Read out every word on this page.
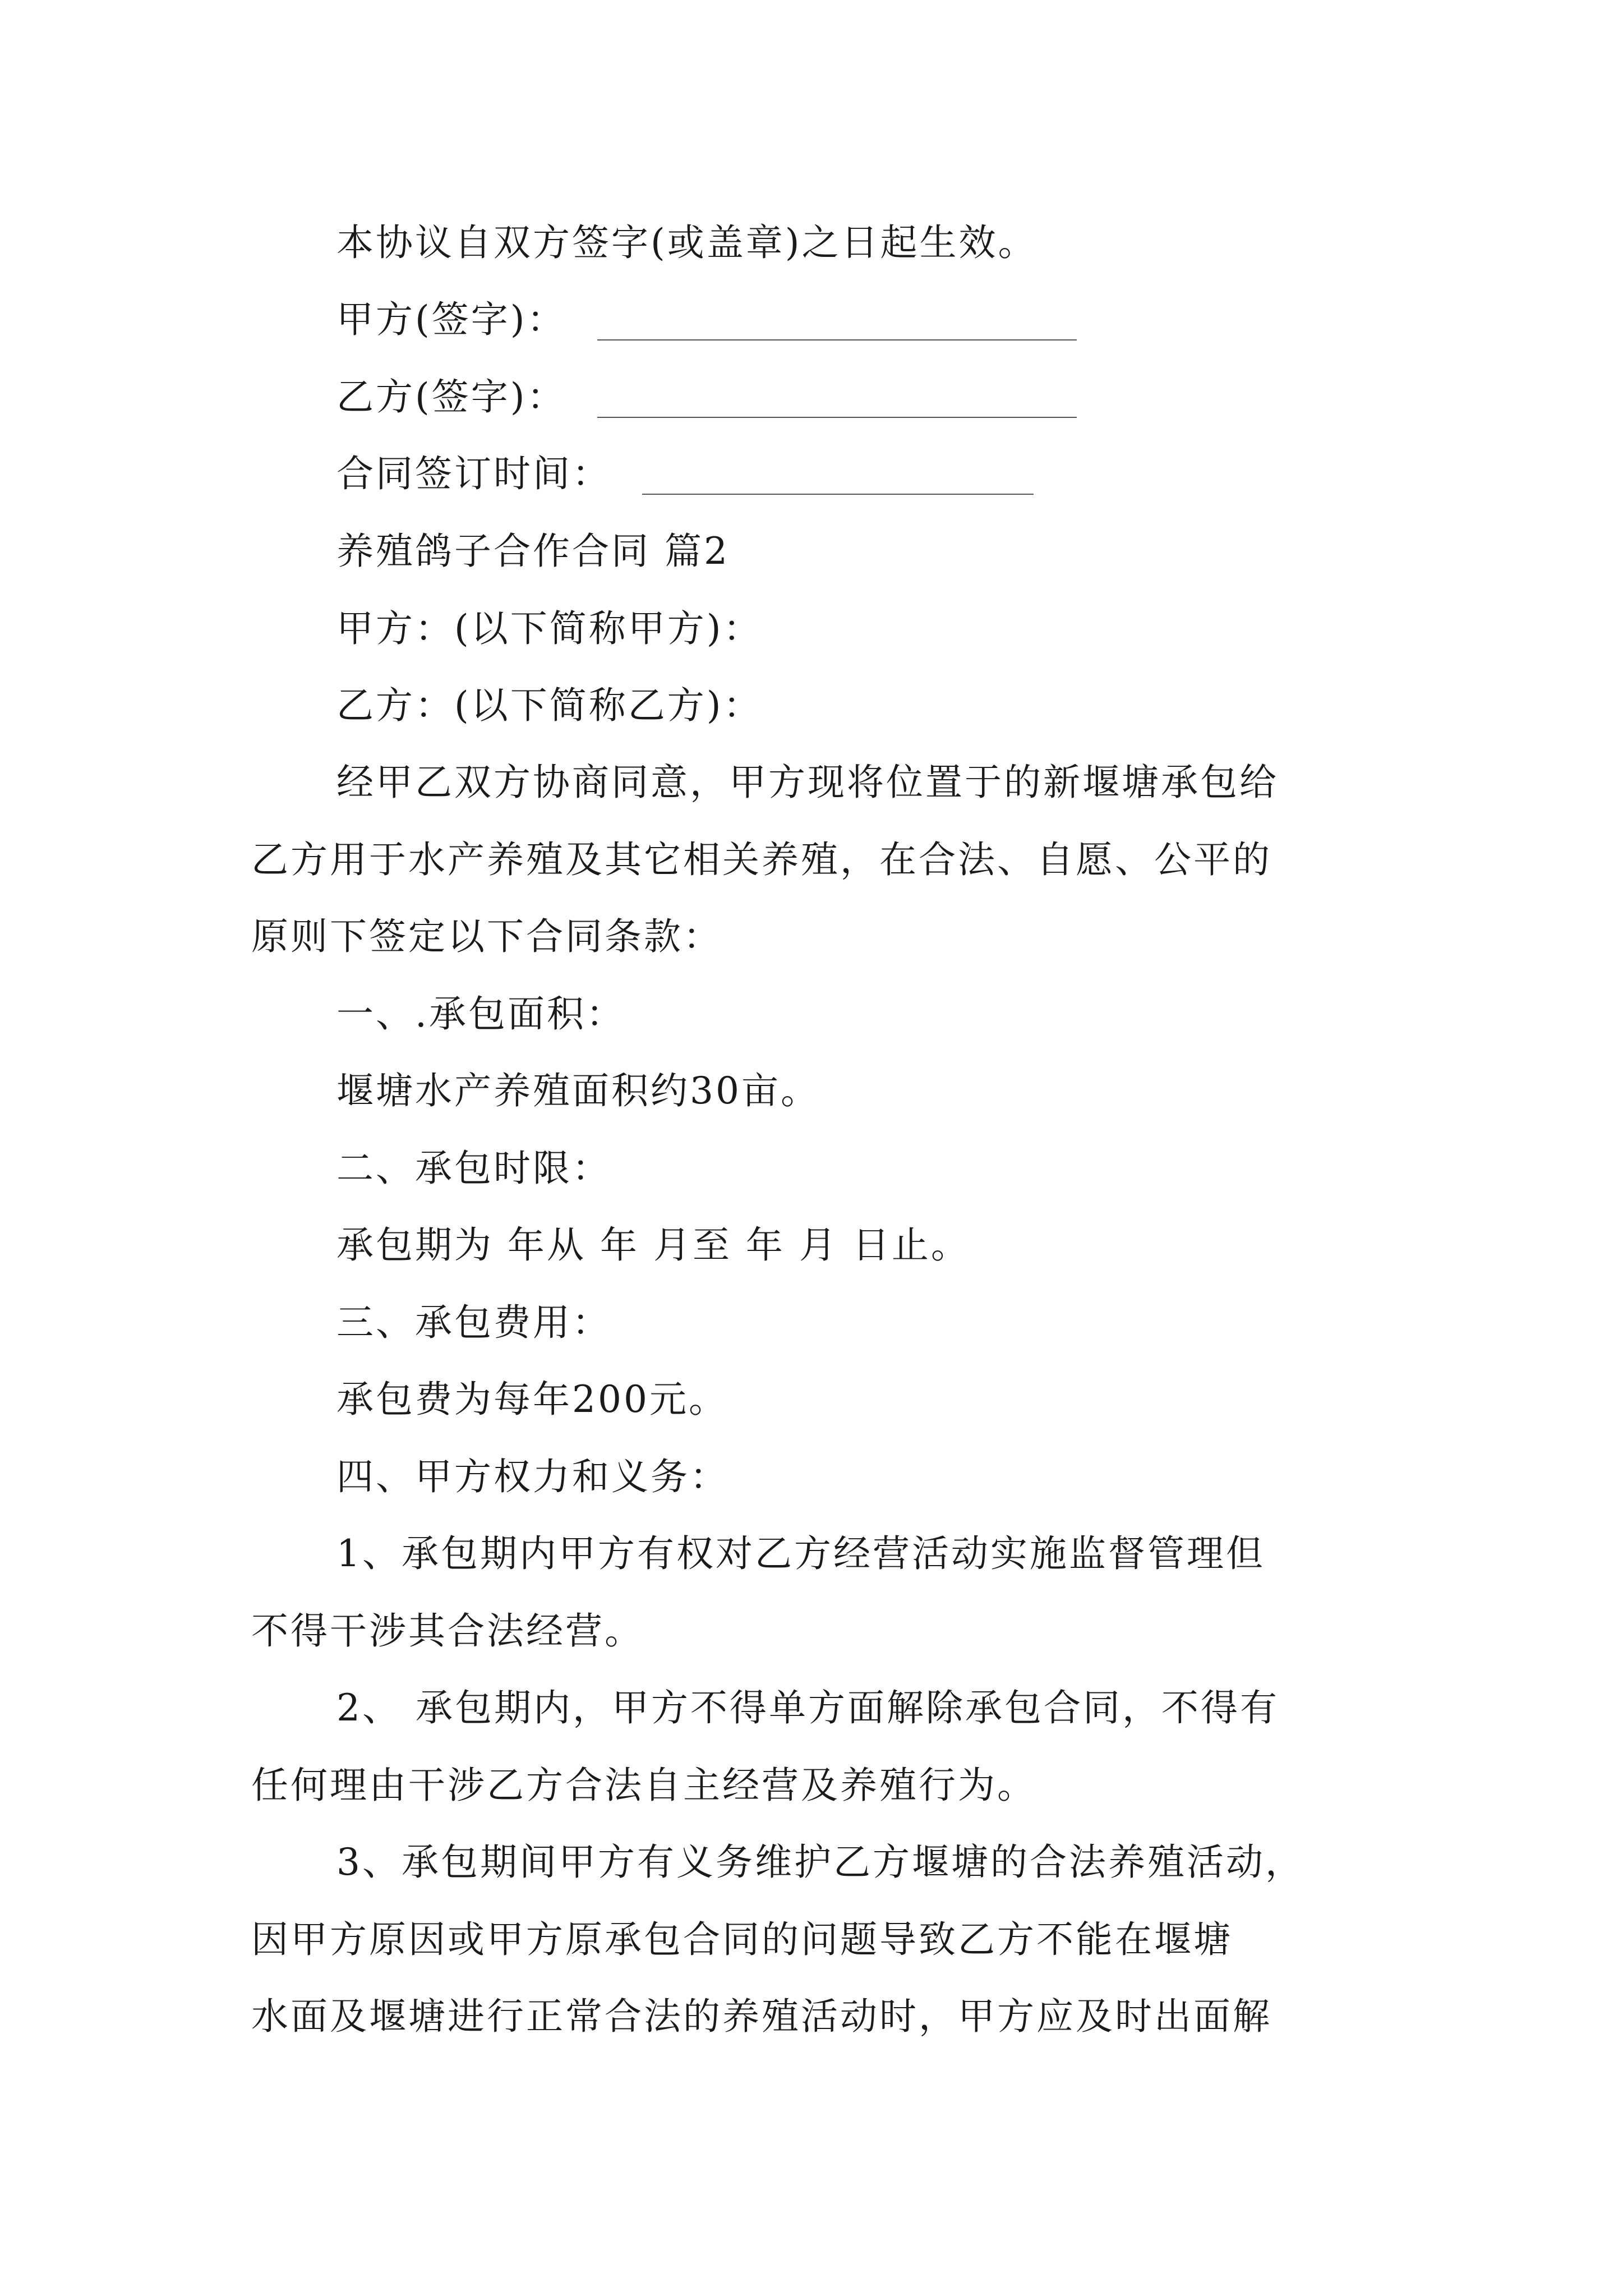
本协议自双方签字(或盖章)之日起生效。
甲方(签字)：
乙方(签字)：
合同签订时间：
养殖鸽子合作合同 篇2
甲方：(以下简称甲方)：
乙方：(以下简称乙方)：
经甲乙双方协商同意，甲方现将位置于的新堰塘承包给
乙方用于水产养殖及其它相关养殖，在合法、自愿、公平的
原则下签定以下合同条款：
一、.承包面积：
堰塘水产养殖面积约30亩。
二、承包时限：
承包期为 年从 年 月至 年 月 日止。
三、承包费用：
承包费为每年200元。
四、甲方权力和义务：
1、承包期内甲方有权对乙方经营活动实施监督管理但
不得干涉其合法经营。
2、 承包期内，甲方不得单方面解除承包合同，不得有
任何理由干涉乙方合法自主经营及养殖行为。
3、承包期间甲方有义务维护乙方堰塘的合法养殖活动，
因甲方原因或甲方原承包合同的问题导致乙方不能在堰塘
水面及堰塘进行正常合法的养殖活动时，甲方应及时出面解
